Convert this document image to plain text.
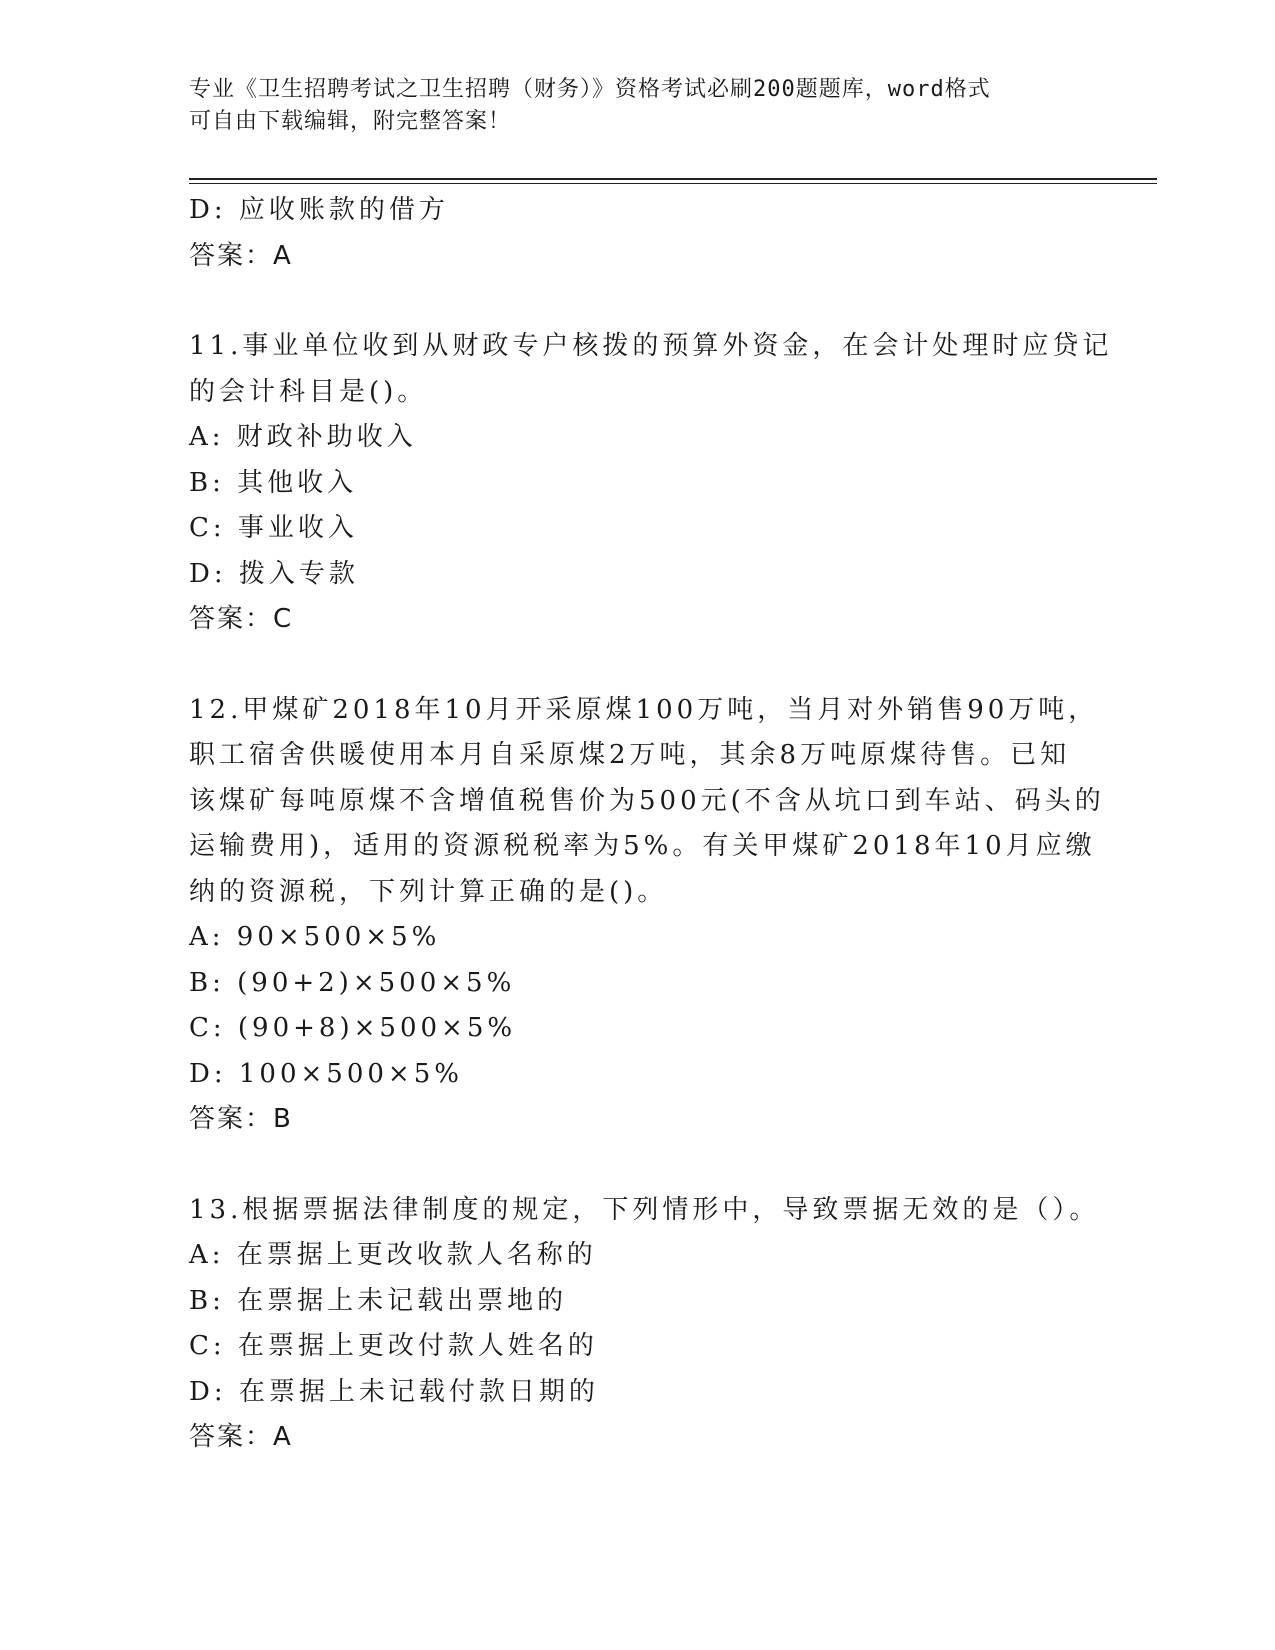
专业《卫生招聘考试之卫生招聘（财务）》资格考试必刷200题题库，word格式
可自由下载编辑，附完整答案！
D: 应收账款的借方
答案：A
11.事业单位收到从财政专户核拨的预算外资金，在会计处理时应贷记
的会计科目是()。
A: 财政补助收入
B: 其他收入
C: 事业收入
D: 拨入专款
答案：C
12.甲煤矿2018年10月开采原煤100万吨，当月对外销售90万吨，
职工宿舍供暖使用本月自采原煤2万吨，其余8万吨原煤待售。已知
该煤矿每吨原煤不含增值税售价为500元(不含从坑口到车站、码头的
运输费用)，适用的资源税税率为5%。有关甲煤矿2018年10月应缴
纳的资源税，下列计算正确的是()。
A: 90×500×5%
B: (90+2)×500×5%
C: (90+8)×500×5%
D: 100×500×5%
答案：B
13.根据票据法律制度的规定，下列情形中，导致票据无效的是（）。
A: 在票据上更改收款人名称的
B: 在票据上未记载出票地的
C: 在票据上更改付款人姓名的
D: 在票据上未记载付款日期的
答案：A
